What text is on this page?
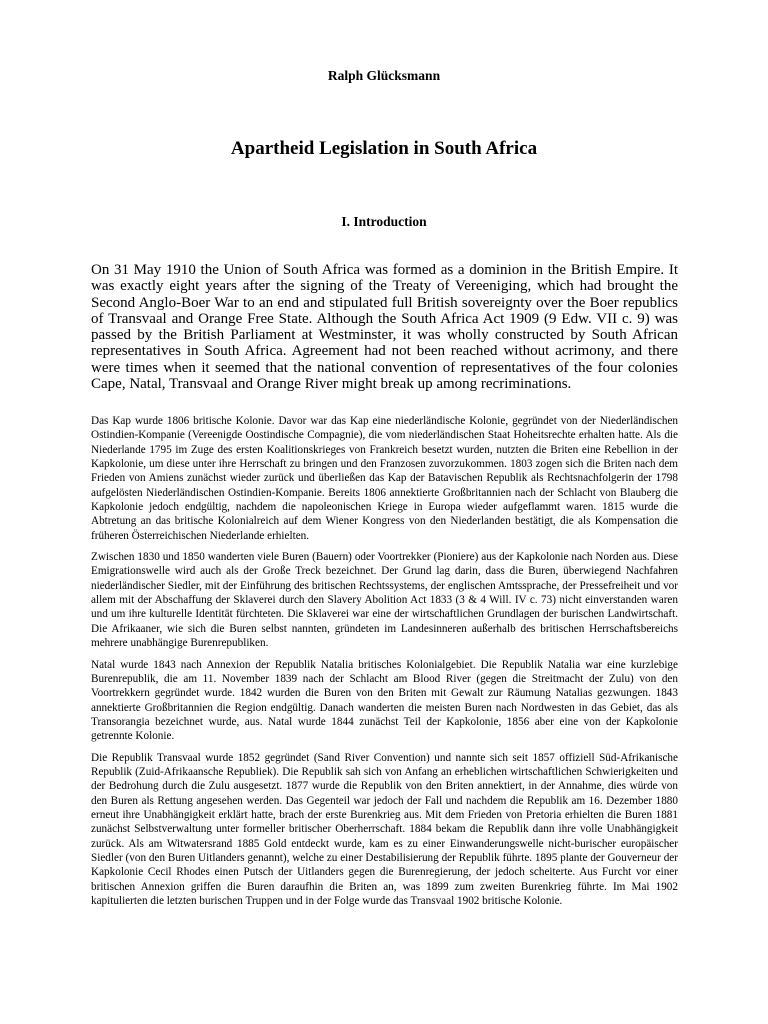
Ralph Glücksmann
Apartheid Legislation in South Africa
I. Introduction

On 31 May 1910 the Union of South Africa was formed as a dominion in the British Empire. It was exactly eight years after the signing of the Treaty of Vereeniging, which had brought the Second Anglo-Boer War to an end and stipulated full British sovereignty over the Boer republics of Transvaal and Orange Free State. Although the South Africa Act 1909 (9 Edw. VII c. 9) was passed by the British Parliament at Westminster, it was wholly constructed by South African representatives in South Africa. Agreement had not been reached without acrimony, and there were times when it seemed that the national convention of representatives of the four colonies Cape, Natal, Transvaal and Orange River might break up among recriminations.

Das Kap wurde 1806 britische Kolonie. Davor war das Kap eine niederländische Kolonie, gegründet von der Niederländischen Ostindien-Kompanie (Vereenigde Oostindische Compagnie), die vom niederländischen Staat Hoheitsrechte erhalten hatte. Als die Niederlande 1795 im Zuge des ersten Koalitionskrieges von Frankreich besetzt wurden, nutzten die Briten eine Rebellion in der Kapkolonie, um diese unter ihre Herrschaft zu bringen und den Franzosen zuvorzukommen. 1803 zogen sich die Briten nach dem Frieden von Amiens zunächst wieder zurück und überließen das Kap der Batavischen Republik als Rechtsnachfolgerin der 1798 aufgelösten Niederländischen Ostindien-Kompanie. Bereits 1806 annektierte Großbritannien nach der Schlacht von Blauberg die Kapkolonie jedoch endgültig, nachdem die napoleonischen Kriege in Europa wieder aufgeflammt waren. 1815 wurde die Abtretung an das britische Kolonialreich auf dem Wiener Kongress von den Niederlanden bestätigt, die als Kompensation die früheren Österreichischen Niederlande erhielten.

Zwischen 1830 und 1850 wanderten viele Buren (Bauern) oder Voortrekker (Pioniere) aus der Kapkolonie nach Norden aus. Diese Emigrationswelle wird auch als der Große Treck bezeichnet. Der Grund lag darin, dass die Buren, überwiegend Nachfahren niederländischer Siedler, mit der Einführung des britischen Rechtssystems, der englischen Amtssprache, der Pressefreiheit und vor allem mit der Abschaffung der Sklaverei durch den Slavery Abolition Act 1833 (3 & 4 Will. IV c. 73) nicht einverstanden waren und um ihre kulturelle Identität fürchteten. Die Sklaverei war eine der wirtschaftlichen Grundlagen der burischen Landwirtschaft. Die Afrikaaner, wie sich die Buren selbst nannten, gründeten im Landesinneren außerhalb des britischen Herrschaftsbereichs mehrere unabhängige Burenrepubliken.

Natal wurde 1843 nach Annexion der Republik Natalia britisches Kolonialgebiet. Die Republik Natalia war eine kurzlebige Burenrepublik, die am 11. November 1839 nach der Schlacht am Blood River (gegen die Streitmacht der Zulu) von den Voortrekkern gegründet wurde. 1842 wurden die Buren von den Briten mit Gewalt zur Räumung Natalias gezwungen. 1843 annektierte Großbritannien die Region endgültig. Danach wanderten die meisten Buren nach Nordwesten in das Gebiet, das als Transorangia bezeichnet wurde, aus. Natal wurde 1844 zunächst Teil der Kapkolonie, 1856 aber eine von der Kapkolonie getrennte Kolonie.

Die Republik Transvaal wurde 1852 gegründet (Sand River Convention) und nannte sich seit 1857 offiziell Süd-Afrikanische Republik (Zuid-Afrikaansche Republiek). Die Republik sah sich von Anfang an erheblichen wirtschaftlichen Schwierigkeiten und der Bedrohung durch die Zulu ausgesetzt. 1877 wurde die Republik von den Briten annektiert, in der Annahme, dies würde von den Buren als Rettung angesehen werden. Das Gegenteil war jedoch der Fall und nachdem die Republik am 16. Dezember 1880 erneut ihre Unabhängigkeit erklärt hatte, brach der erste Burenkrieg aus. Mit dem Frieden von Pretoria erhielten die Buren 1881 zunächst Selbstverwaltung unter formeller britischer Oberherrschaft. 1884 bekam die Republik dann ihre volle Unabhängigkeit zurück. Als am Witwatersrand 1885 Gold entdeckt wurde, kam es zu einer Einwanderungswelle nicht-burischer europäischer Siedler (von den Buren Uitlanders genannt), welche zu einer Destabilisierung der Republik führte. 1895 plante der Gouverneur der Kapkolonie Cecil Rhodes einen Putsch der Uitlanders gegen die Burenregierung, der jedoch scheiterte. Aus Furcht vor einer britischen Annexion griffen die Buren daraufhin die Briten an, was 1899 zum zweiten Burenkrieg führte. Im Mai 1902 kapitulierten die letzten burischen Truppen und in der Folge wurde das Transvaal 1902 britische Kolonie.
